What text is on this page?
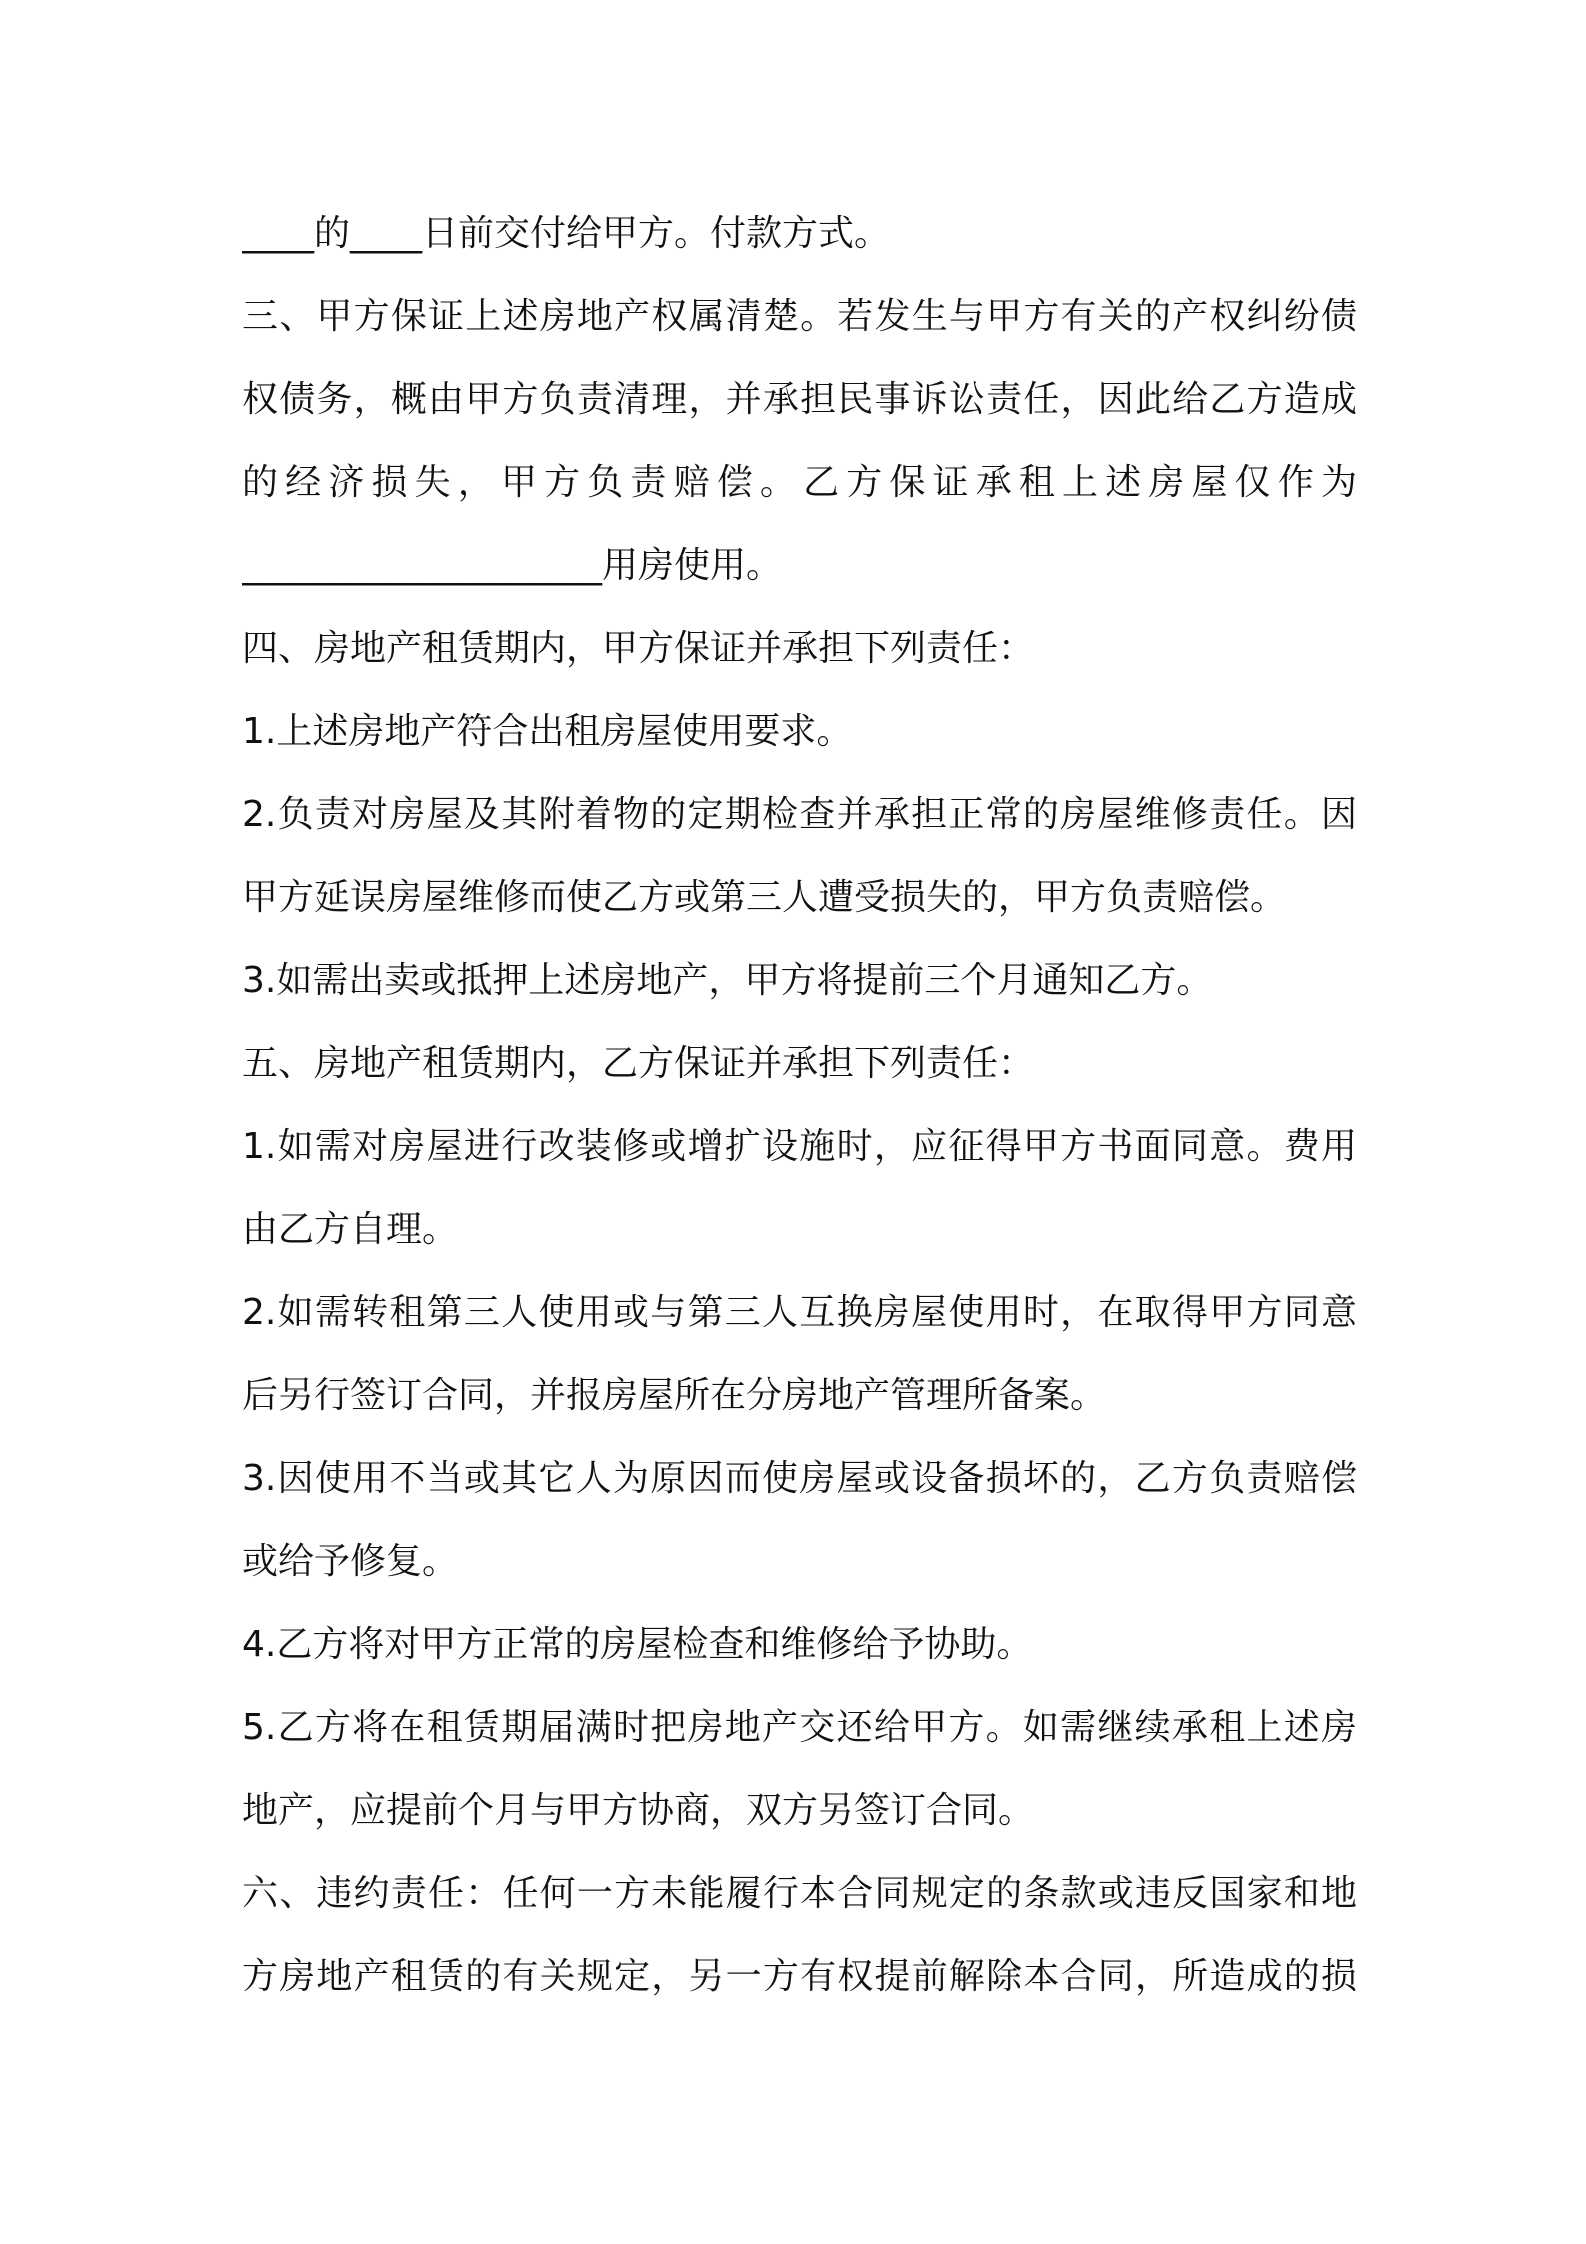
____的____日前交付给甲方。付款方式。
三、甲方保证上述房地产权属清楚。若发生与甲方有关的产权纠纷债
权债务，概由甲方负责清理，并承担民事诉讼责任，因此给乙方造成
的经济损失，甲方负责赔偿。乙方保证承租上述房屋仅作为
____________________用房使用。
四、房地产租赁期内，甲方保证并承担下列责任：
1.上述房地产符合出租房屋使用要求。
2.负责对房屋及其附着物的定期检查并承担正常的房屋维修责任。因
甲方延误房屋维修而使乙方或第三人遭受损失的，甲方负责赔偿。
3.如需出卖或抵押上述房地产，甲方将提前三个月通知乙方。
五、房地产租赁期内，乙方保证并承担下列责任：
1.如需对房屋进行改装修或增扩设施时，应征得甲方书面同意。费用
由乙方自理。
2.如需转租第三人使用或与第三人互换房屋使用时，在取得甲方同意
后另行签订合同，并报房屋所在分房地产管理所备案。
3.因使用不当或其它人为原因而使房屋或设备损坏的，乙方负责赔偿
或给予修复。
4.乙方将对甲方正常的房屋检查和维修给予协助。
5.乙方将在租赁期届满时把房地产交还给甲方。如需继续承租上述房
地产，应提前个月与甲方协商，双方另签订合同。
六、违约责任：任何一方未能履行本合同规定的条款或违反国家和地
方房地产租赁的有关规定，另一方有权提前解除本合同，所造成的损
